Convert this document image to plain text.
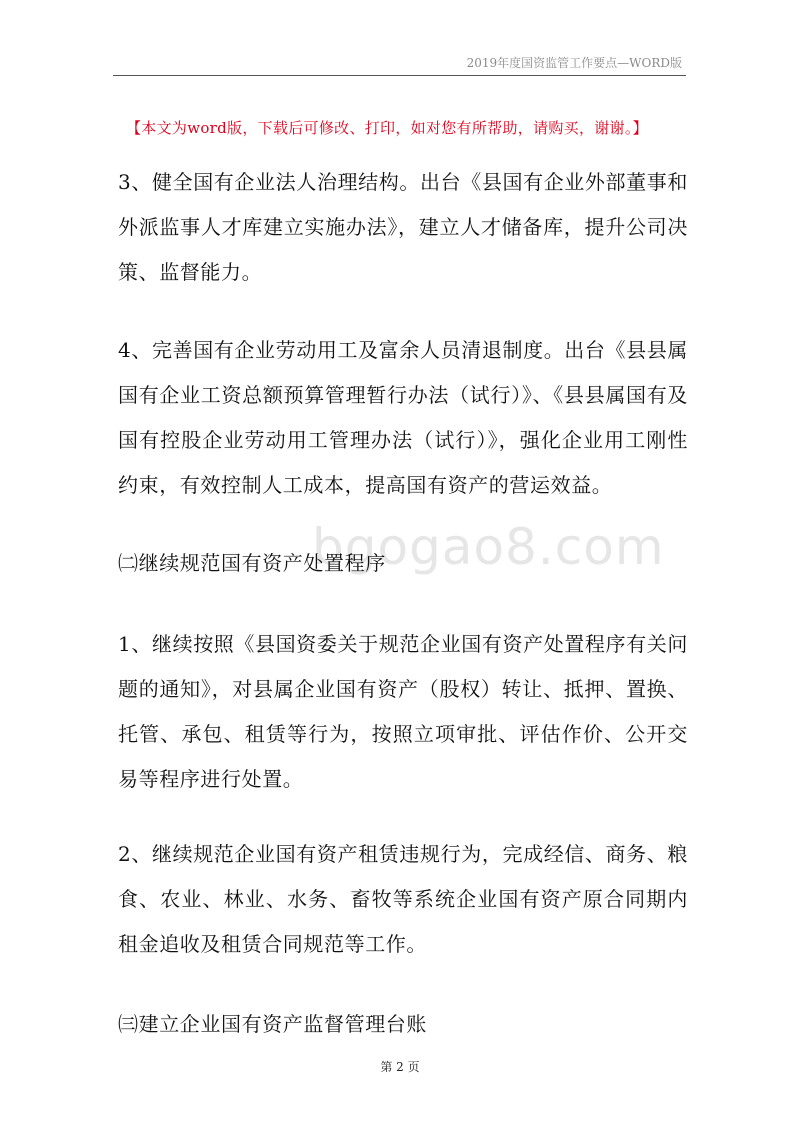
2019年度国资监管工作要点—WORD版
【本文为word版，下载后可修改、打印，如对您有所帮助，请购买，谢谢。】
bgogao8.com

3、健全国有企业法人治理结构。出台《县国有企业外部董事和外派监事人才库建立实施办法》，建立人才储备库，提升公司决策、监督能力。

4、完善国有企业劳动用工及富余人员清退制度。出台《县县属国有企业工资总额预算管理暂行办法（试行）》、《县县属国有及国有控股企业劳动用工管理办法（试行）》，强化企业用工刚性约束，有效控制人工成本，提高国有资产的营运效益。

㈡继续规范国有资产处置程序

1、继续按照《县国资委关于规范企业国有资产处置程序有关问题的通知》，对县属企业国有资产（股权）转让、抵押、置换、托管、承包、租赁等行为，按照立项审批、评估作价、公开交易等程序进行处置。

2、继续规范企业国有资产租赁违规行为，完成经信、商务、粮食、农业、林业、水务、畜牧等系统企业国有资产原合同期内租金追收及租赁合同规范等工作。

㈢建立企业国有资产监督管理台账

第 2 页
